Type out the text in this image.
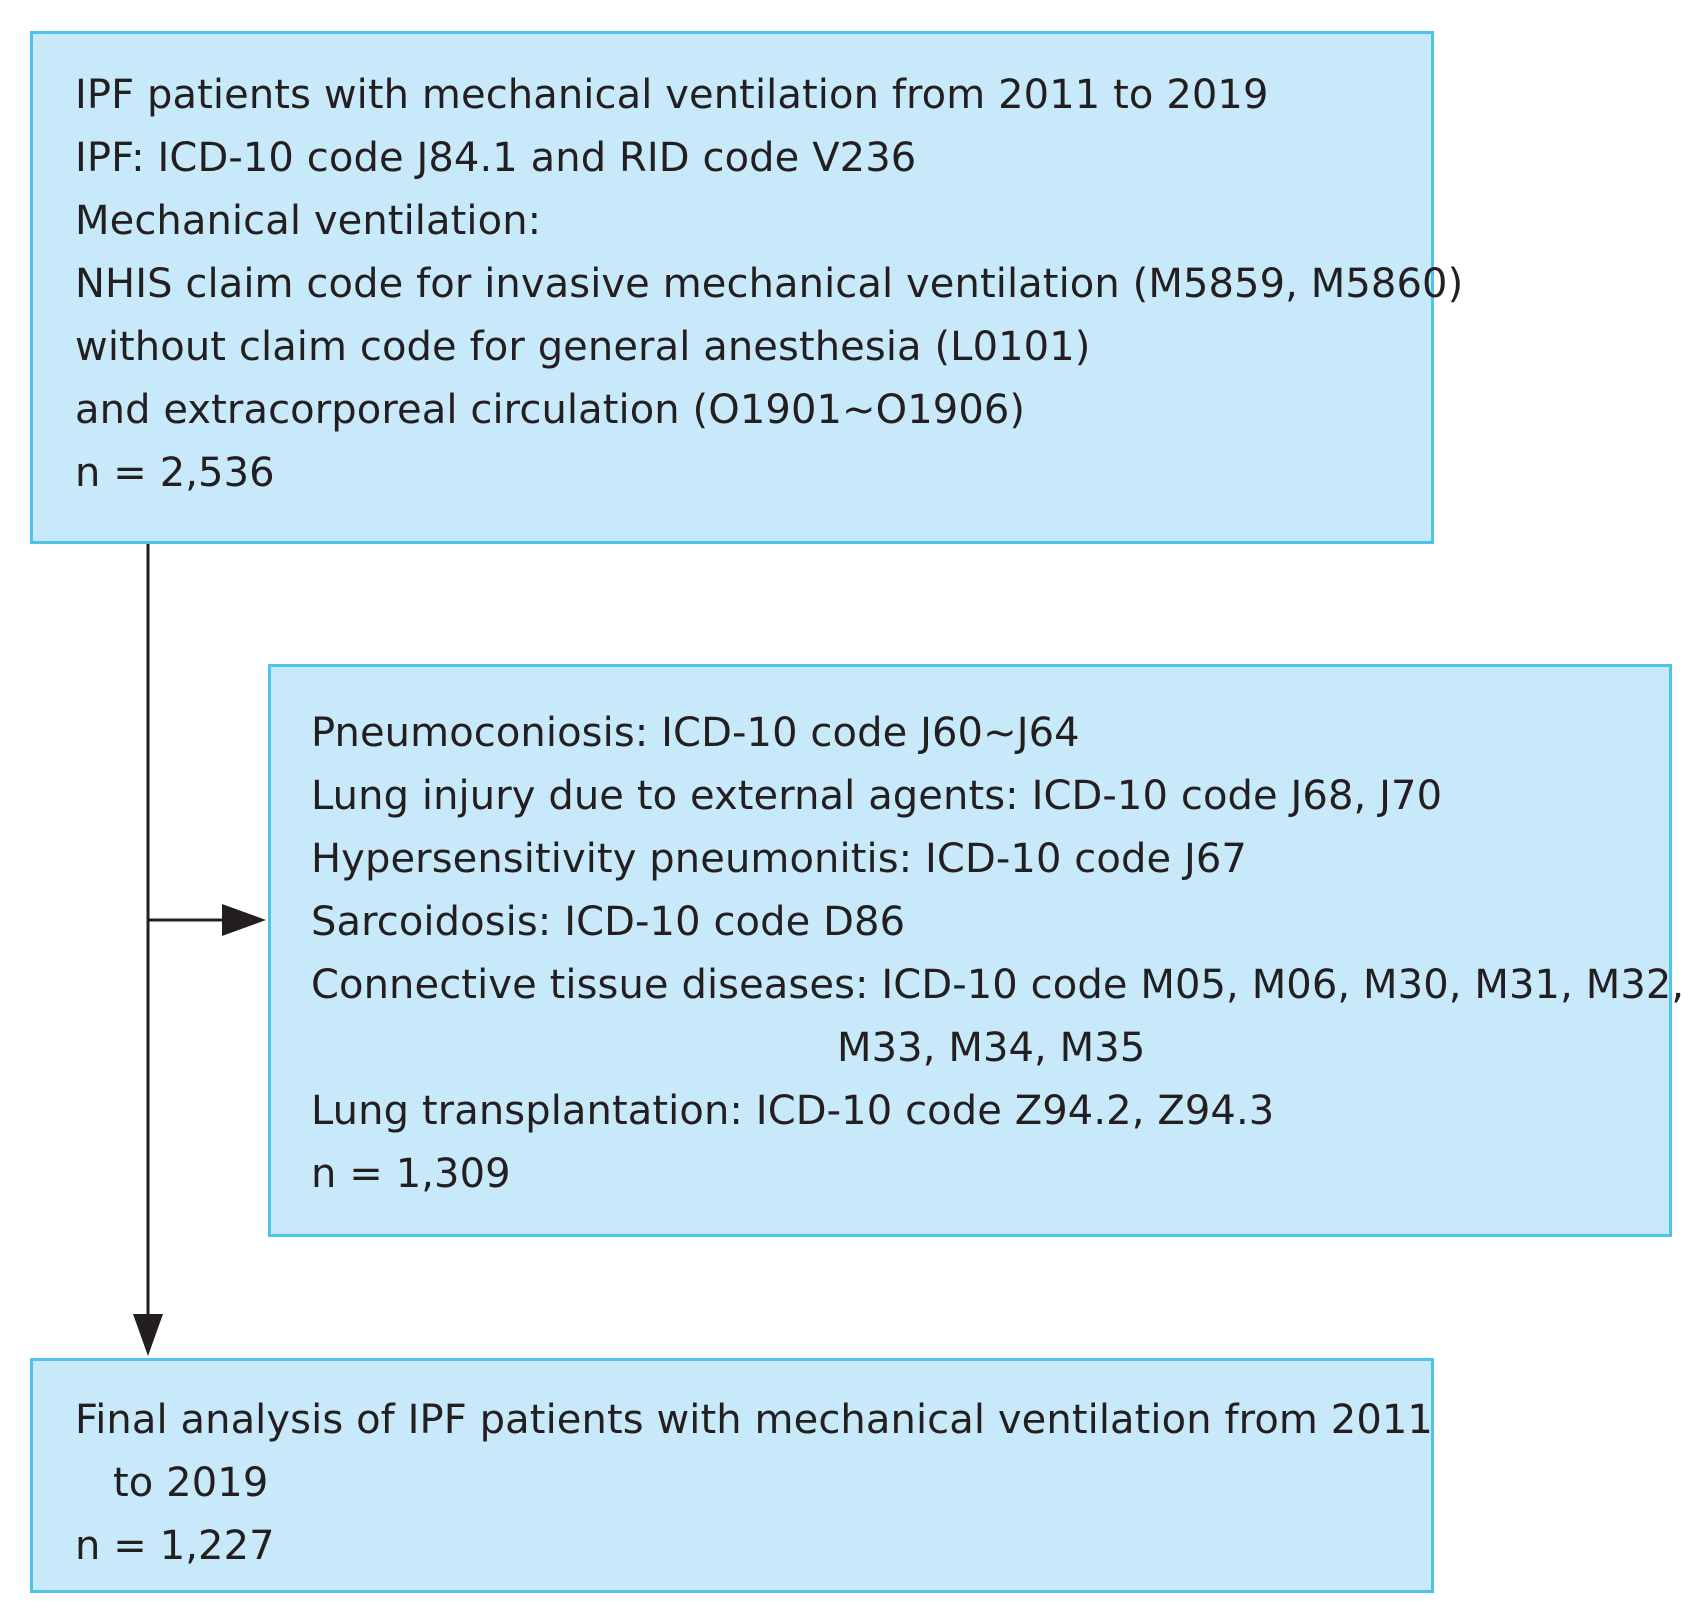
IPF patients with mechanical ventilation from 2011 to 2019

IPF: ICD-10 code J84.1 and RID code V236

Mechanical ventilation:

NHIS claim code for invasive mechanical ventilation (M5859, M5860)

without claim code for general anesthesia (L0101)

and extracorporeal circulation (O1901~O1906)

n = 2,536

Pneumoconiosis: ICD-10 code J60~J64

Lung injury due to external agents: ICD-10 code J68, J70

Hypersensitivity pneumonitis: ICD-10 code J67

Sarcoidosis: ICD-10 code D86

Connective tissue diseases: ICD-10 code M05, M06, M30, M31, M32,

M33, M34, M35

Lung transplantation: ICD-10 code Z94.2, Z94.3

n = 1,309

Final analysis of IPF patients with mechanical ventilation from 2011

to 2019

n = 1,227
